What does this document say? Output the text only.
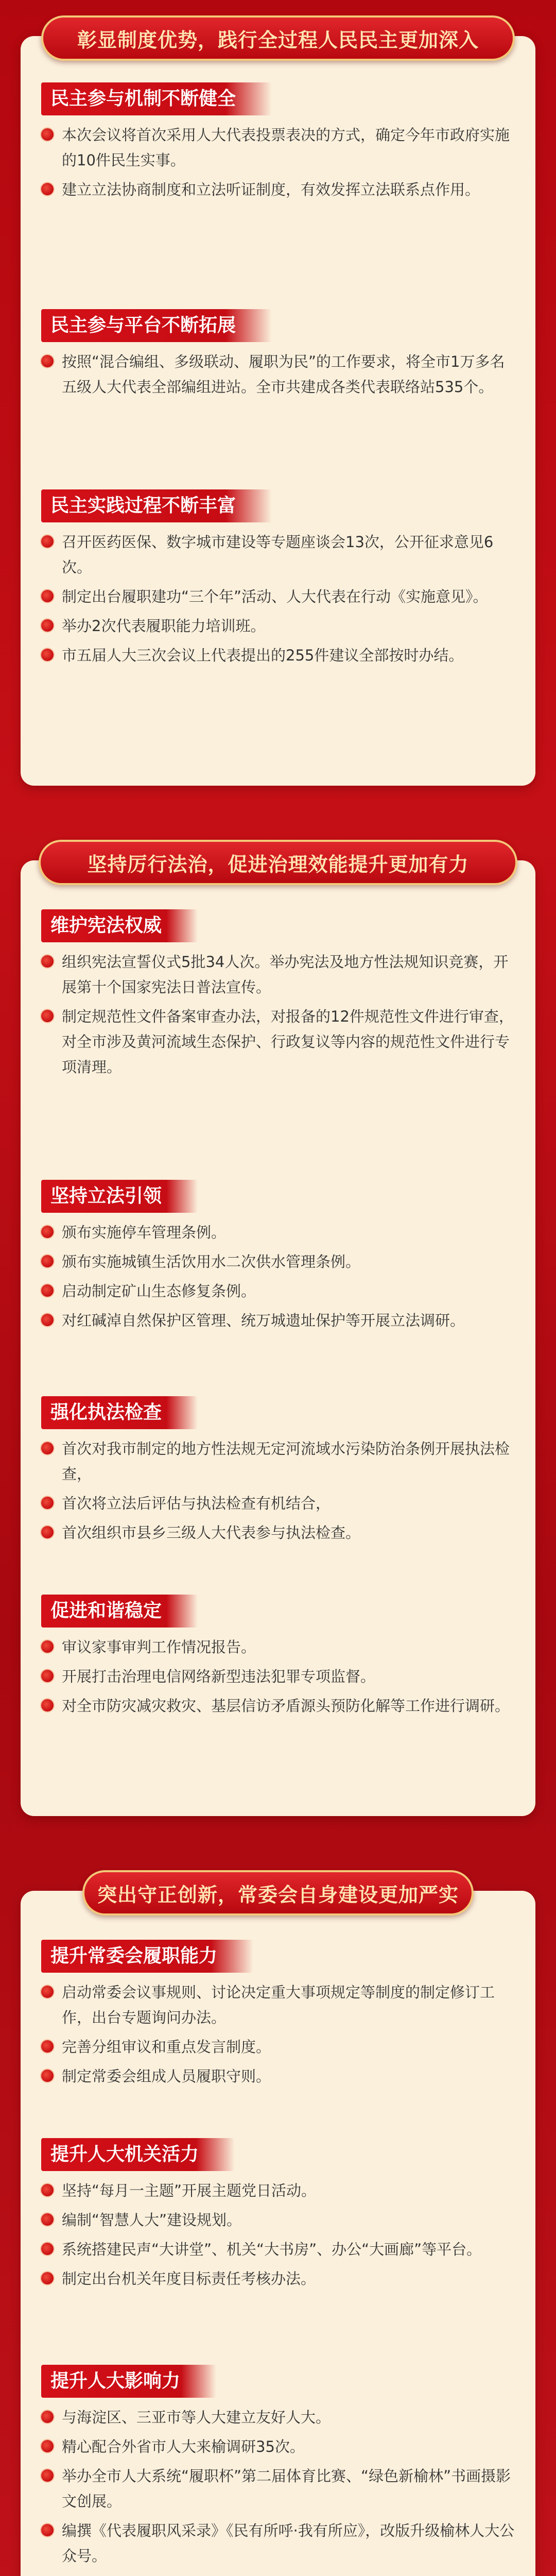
彰显制度优势，践行全过程人民民主更加深入
民主参与机制不断健全
本次会议将首次采用人大代表投票表决的方式，确定今年市政府实施的10件民生实事。
建立立法协商制度和立法听证制度，有效发挥立法联系点作用。
民主参与平台不断拓展
按照“混合编组、多级联动、履职为民”的工作要求，将全市1万多名五级人大代表全部编组进站。全市共建成各类代表联络站535个。
民主实践过程不断丰富
召开医药医保、数字城市建设等专题座谈会13次，公开征求意见6次。
制定出台履职建功“三个年”活动、人大代表在行动《实施意见》。
举办2次代表履职能力培训班。
市五届人大三次会议上代表提出的255件建议全部按时办结。
坚持厉行法治，促进治理效能提升更加有力
维护宪法权威
组织宪法宣誓仪式5批34人次。举办宪法及地方性法规知识竞赛，开展第十个国家宪法日普法宣传。
制定规范性文件备案审查办法，对报备的12件规范性文件进行审查，对全市涉及黄河流域生态保护、行政复议等内容的规范性文件进行专项清理。
坚持立法引领
颁布实施停车管理条例。
颁布实施城镇生活饮用水二次供水管理条例。
启动制定矿山生态修复条例。
对红碱淖自然保护区管理、统万城遗址保护等开展立法调研。
强化执法检查
首次对我市制定的地方性法规无定河流域水污染防治条例开展执法检查，
首次将立法后评估与执法检查有机结合，
首次组织市县乡三级人大代表参与执法检查。
促进和谐稳定
审议家事审判工作情况报告。
开展打击治理电信网络新型违法犯罪专项监督。
对全市防灾减灾救灾、基层信访矛盾源头预防化解等工作进行调研。
突出守正创新，常委会自身建设更加严实
提升常委会履职能力
启动常委会议事规则、讨论决定重大事项规定等制度的制定修订工作，出台专题询问办法。
完善分组审议和重点发言制度。
制定常委会组成人员履职守则。
提升人大机关活力
坚持“每月一主题”开展主题党日活动。
编制“智慧人大”建设规划。
系统搭建民声“大讲堂”、机关“大书房”、办公“大画廊”等平台。
制定出台机关年度目标责任考核办法。
提升人大影响力
与海淀区、三亚市等人大建立友好人大。
精心配合外省市人大来榆调研35次。
举办全市人大系统“履职杯”第二届体育比赛、“绿色新榆林”书画摄影文创展。
编撰《代表履职风采录》《民有所呼·我有所应》，改版升级榆林人大公众号。
